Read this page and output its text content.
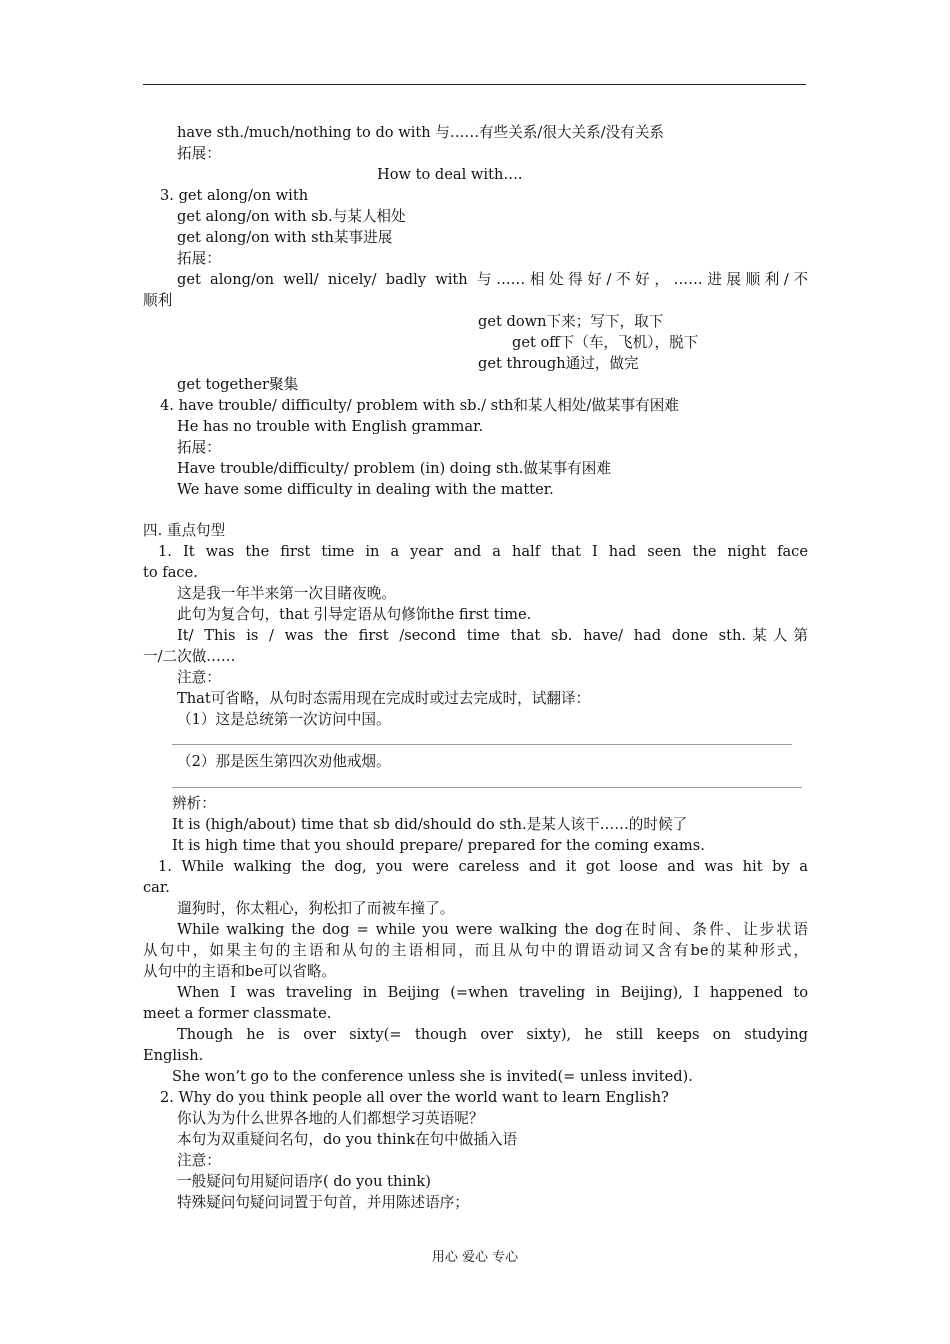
have sth./much/nothing to do with 与……有些关系/很大关系/没有关系
拓展：

How to deal with….

3. get along/on with
get along/on with sb.与某人相处
get along/on with sth某事进展
拓展：
get along/on well/ nicely/ badly with 与……相处得好/不好，……进展顺利/不
顺利

get down下来；写下，取下

get off下（车，飞机），脱下

get through通过，做完

get together聚集
4. have trouble/ difficulty/ problem with sb./ sth和某人相处/做某事有困难
He has no trouble with English grammar.
拓展：
Have trouble/difficulty/ problem (in) doing sth.做某事有困难
We have some difficulty in dealing with the matter.
四. 重点句型
1. It was the first time in a year and a half that I had seen the night face
to face.
这是我一年半来第一次目睹夜晚。
此句为复合句，that 引导定语从句修饰the first time.
It/ This is / was the first /second time that sb. have/ had done sth.某人第
一/二次做……
注意：
That可省略，从句时态需用现在完成时或过去完成时，试翻译：
（1）这是总统第一次访问中国。
（2）那是医生第四次劝他戒烟。
辨析：
It is (high/about) time that sb did/should do sth.是某人该干……的时候了
It is high time that you should prepare/ prepared for the coming exams.
1. While walking the dog, you were careless and it got loose and was hit by a
car.
遛狗时，你太粗心，狗松扣了而被车撞了。
While walking the dog = while you were walking the dog在时间、条件、让步状语
从句中，如果主句的主语和从句的主语相同，而且从句中的谓语动词又含有be的某种形式，
从句中的主语和be可以省略。
When I was traveling in Beijing (=when traveling in Beijing), I happened to
meet a former classmate.
Though he is over sixty(= though over sixty), he still keeps on studying
English.
She won’t go to the conference unless she is invited(= unless invited).
2. Why do you think people all over the world want to learn English?
你认为为什么世界各地的人们都想学习英语呢？
本句为双重疑问名句，do you think在句中做插入语
注意：
一般疑问句用疑问语序( do you think)
特殊疑问句疑问词置于句首，并用陈述语序；
用心 爱心 专心
